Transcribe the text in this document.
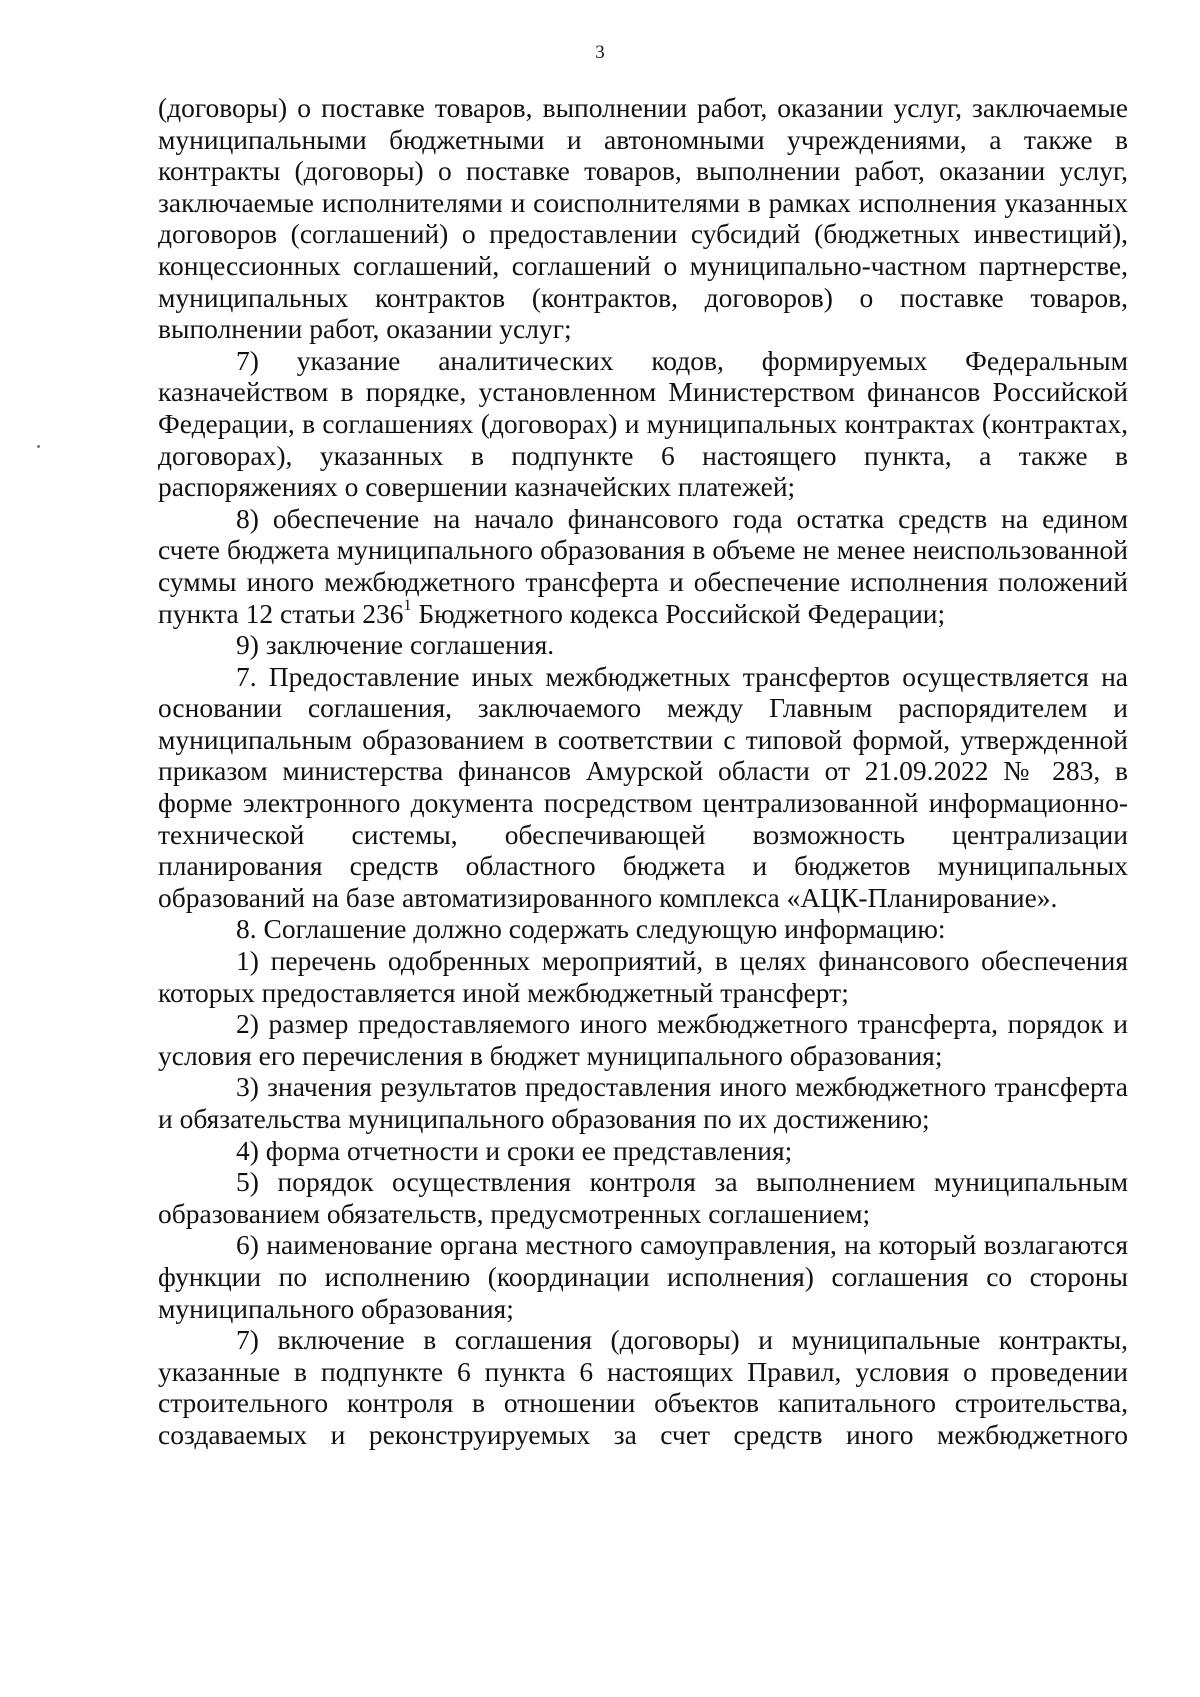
3

(договоры) о поставке товаров, выполнении работ, оказании услуг, заключаемые муниципальными бюджетными и автономными учреждениями, а также в контракты (договоры) о поставке товаров, выполнении работ, оказании услуг, заключаемые исполнителями и соисполнителями в рамках исполнения указанных договоров (соглашений) о предоставлении субсидий (бюджетных инвестиций), концессионных соглашений, соглашений о муниципально-частном партнерстве, муниципальных контрактов (контрактов, договоров) о поставке товаров, выполнении работ, оказании услуг;

7) указание аналитических кодов, формируемых Федеральным казначейством в порядке, установленном Министерством финансов Российской Федерации, в соглашениях (договорах) и муниципальных контрактах (контрактах, договорах), указанных в подпункте 6 настоящего пункта, а также в распоряжениях о совершении казначейских платежей;

8) обеспечение на начало финансового года остатка средств на едином счете бюджета муниципального образования в объеме не менее неиспользованной суммы иного межбюджетного трансферта и обеспечение исполнения положений пункта 12 статьи $236^1$ Бюджетного кодекса Российской Федерации;

9) заключение соглашения.

7. Предоставление иных межбюджетных трансфертов осуществляется на основании соглашения, заключаемого между Главным распорядителем и муниципальным образованием в соответствии с типовой формой, утвержденной приказом министерства финансов Амурской области от 21.09.2022 № 283, в форме электронного документа посредством централизованной информационно-технической системы, обеспечивающей возможность централизации планирования средств областного бюджета и бюджетов муниципальных образований на базе автоматизированного комплекса «АЦК-Планирование».

8. Соглашение должно содержать следующую информацию:

1) перечень одобренных мероприятий, в целях финансового обеспечения которых предоставляется иной межбюджетный трансферт;

2) размер предоставляемого иного межбюджетного трансферта, порядок и условия его перечисления в бюджет муниципального образования;

3) значения результатов предоставления иного межбюджетного трансферта и обязательства муниципального образования по их достижению;

4) форма отчетности и сроки ее представления;

5) порядок осуществления контроля за выполнением муниципальным образованием обязательств, предусмотренных соглашением;

6) наименование органа местного самоуправления, на который возлагаются функции по исполнению (координации исполнения) соглашения со стороны муниципального образования;

7) включение в соглашения (договоры) и муниципальные контракты, указанные в подпункте 6 пункта 6 настоящих Правил, условия о проведении строительного контроля в отношении объектов капитального строительства, создаваемых и реконструируемых за счет средств иного межбюджетного
